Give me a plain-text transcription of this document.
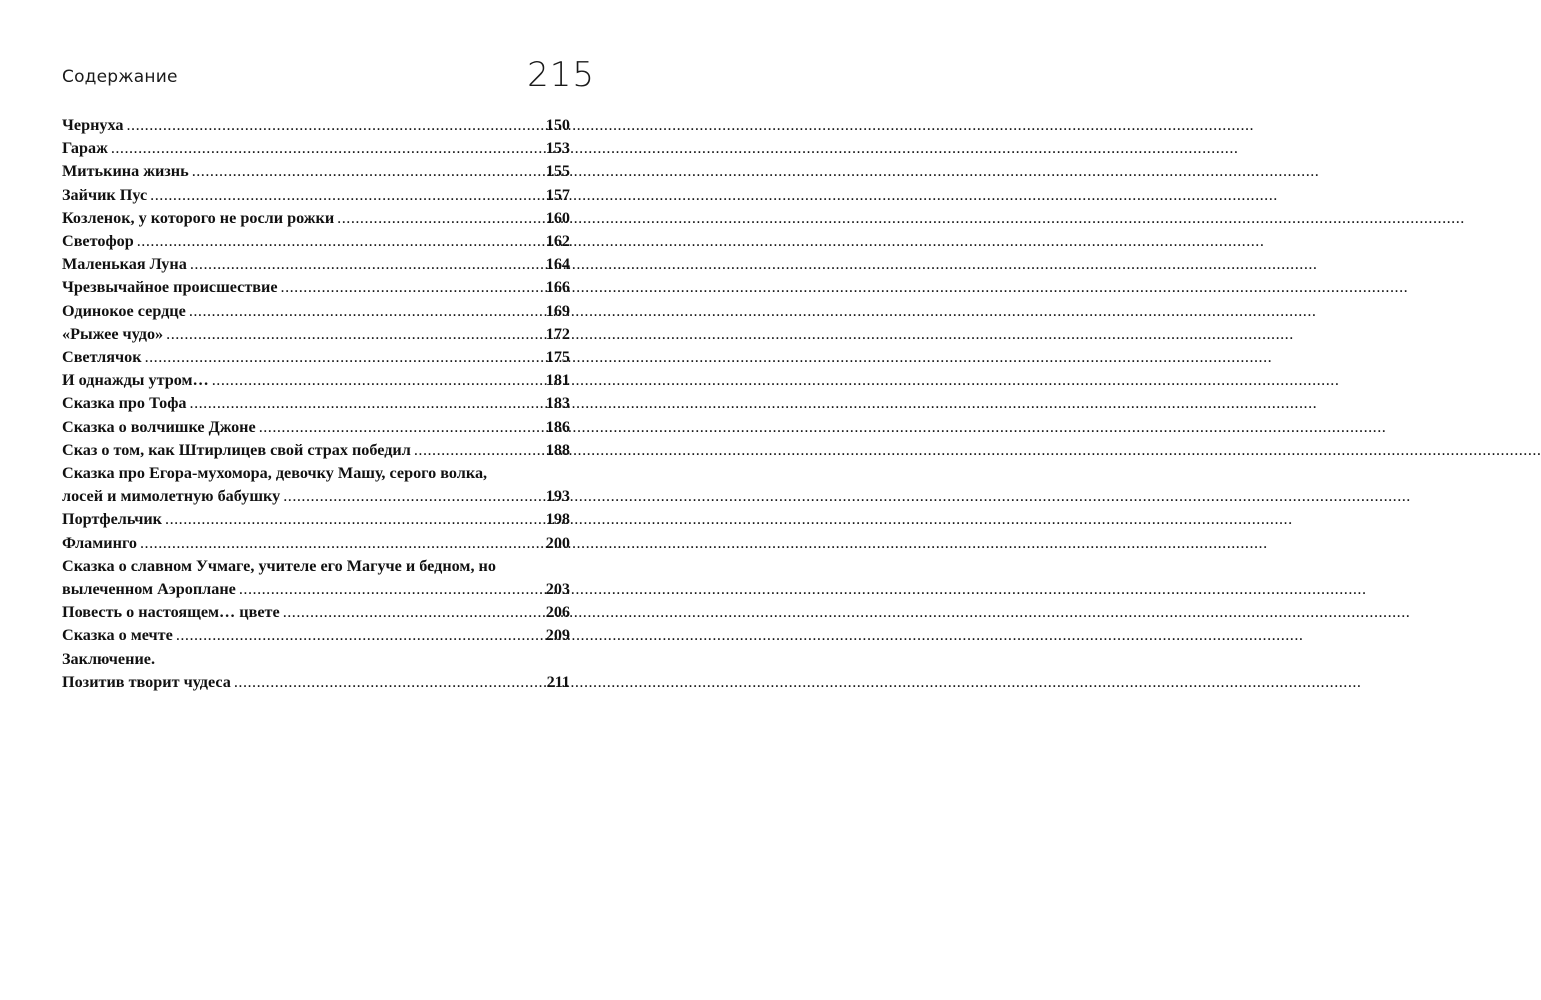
Содержание	215
Чернуха .....	150
Гараж .....	153
Митькина жизнь .....	155
Зайчик Пус .....	157
Козленок, у которого не росли рожки .....	160
Светофор .....	162
Маленькая Луна .....	164
Чрезвычайное происшествие .....	166
Одинокое сердце .....	169
«Рыжее чудо» .....	172
Светлячок .....	175
И однажды утром… .....	181
Сказка про Тофа .....	183
Сказка о волчишке Джоне .....	186
Сказ о том, как Штирлицев свой страх победил .....	188
Сказка про Егора-мухомора, девочку Машу, серого волка,
лосей и мимолетную бабушку .....	193
Портфельчик .....	198
Фламинго .....	200
Сказка о славном Учмаге, учителе его Магуче и бедном, но
вылеченном Аэроплане .....	203
Повесть о настоящем… цвете .....	206
Сказка о мечте .....	209
Заключение.
Позитив творит чудеса .....	211
